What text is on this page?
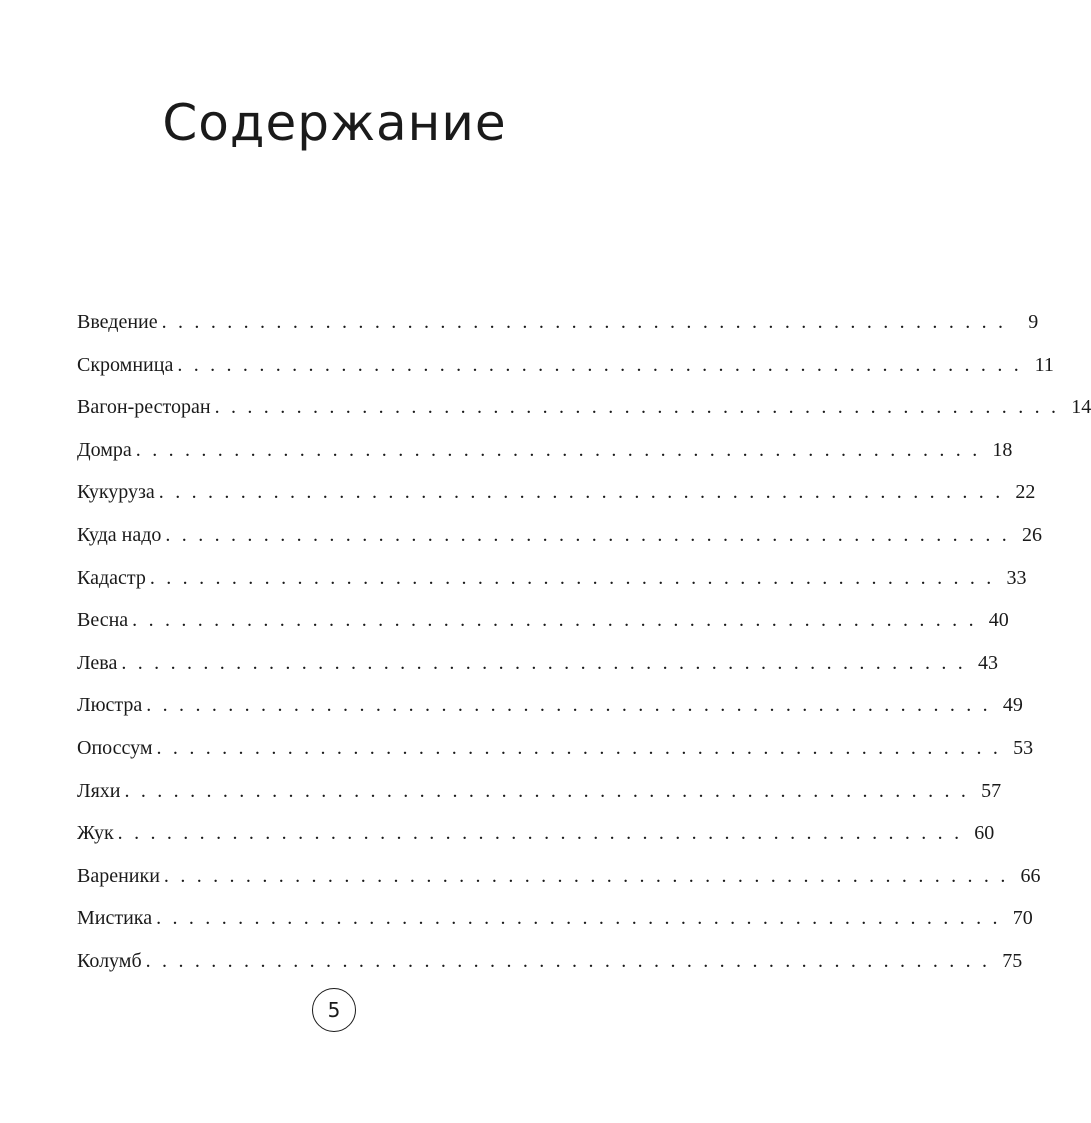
Содержание
Введение . . . . . . . . . . . . . . . . . . . . . . . . . . . . . . . . . . . . . . . . . . . . . . . . . . . .	9
Скромница . . . . . . . . . . . . . . . . . . . . . . . . . . . . . . . . . . . . . . . . . . . . . . . . . . . . 11
Вагон-ресторан . . . . . . . . . . . . . . . . . . . . . . . . . . . . . . . . . . . . . . . . . . . . . . . . . . . . 14
Домра . . . . . . . . . . . . . . . . . . . . . . . . . . . . . . . . . . . . . . . . . . . . . . . . . . . . 18
Кукуруза . . . . . . . . . . . . . . . . . . . . . . . . . . . . . . . . . . . . . . . . . . . . . . . . . . . . 22
Куда надо . . . . . . . . . . . . . . . . . . . . . . . . . . . . . . . . . . . . . . . . . . . . . . . . . . . . 26
Кадастр . . . . . . . . . . . . . . . . . . . . . . . . . . . . . . . . . . . . . . . . . . . . . . . . . . . . 33
Весна . . . . . . . . . . . . . . . . . . . . . . . . . . . . . . . . . . . . . . . . . . . . . . . . . . . . 40
Лева . . . . . . . . . . . . . . . . . . . . . . . . . . . . . . . . . . . . . . . . . . . . . . . . . . . . 43
Люстра . . . . . . . . . . . . . . . . . . . . . . . . . . . . . . . . . . . . . . . . . . . . . . . . . . . . 49
Опоссум . . . . . . . . . . . . . . . . . . . . . . . . . . . . . . . . . . . . . . . . . . . . . . . . . . . . 53
Ляхи . . . . . . . . . . . . . . . . . . . . . . . . . . . . . . . . . . . . . . . . . . . . . . . . . . . . 57
Жук . . . . . . . . . . . . . . . . . . . . . . . . . . . . . . . . . . . . . . . . . . . . . . . . . . . . 60
Вареники . . . . . . . . . . . . . . . . . . . . . . . . . . . . . . . . . . . . . . . . . . . . . . . . . . . . 66
Мистика . . . . . . . . . . . . . . . . . . . . . . . . . . . . . . . . . . . . . . . . . . . . . . . . . . . . 70
Колумб . . . . . . . . . . . . . . . . . . . . . . . . . . . . . . . . . . . . . . . . . . . . . . . . . . . . 75
5
